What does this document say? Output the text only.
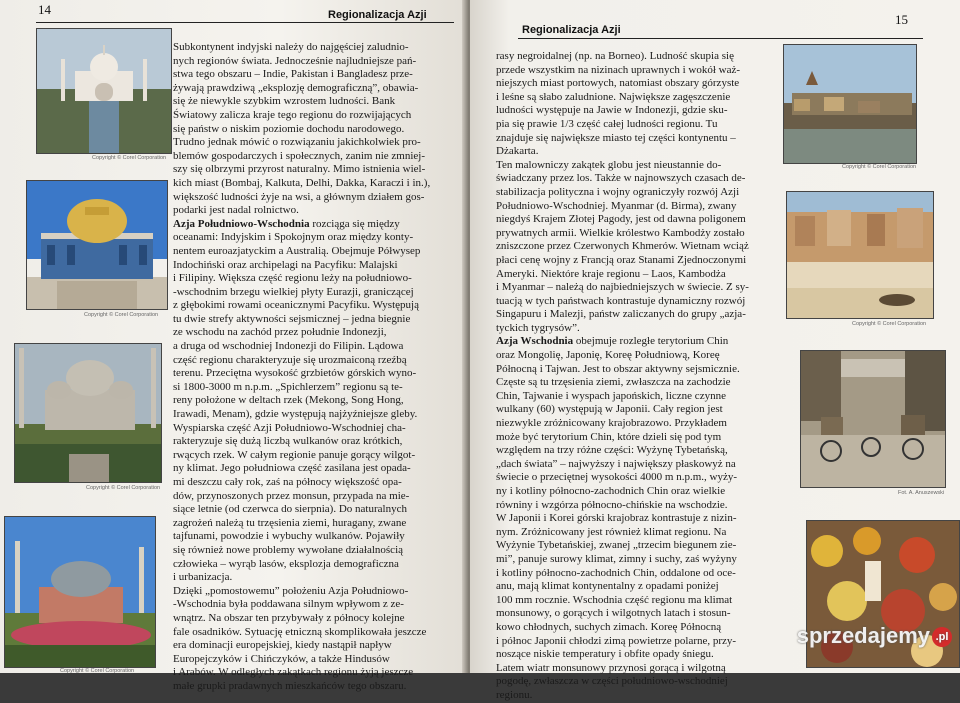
14	Regionalizacja Azji
Copyright © Corel Corporation
Copyright © Corel Corporation
Copyright © Corel Corporation
Copyright © Corel Corporation
Subkontynent indyjski należy do najgęściej zaludnio-
nych regionów świata. Jednocześnie najludniejsze pań-
stwa tego obszaru – Indie, Pakistan i Bangladesz prze-
żywają prawdziwą „eksplozję demograficzną”, obawia-
się że niewykle szybkim wzrostem ludności. Bank
Światowy zalicza kraje tego regionu do rozwijających
się państw o niskim poziomie dochodu narodowego.
Trudno jednak mówić o rozwiązaniu jakichkolwiek pro-
blemów gospodarczych i społecznych, zanim nie zmniej-
szy się olbrzymi przyrost naturalny. Mimo istnienia wiel-
kich miast (Bombaj, Kalkuta, Delhi, Dakka, Karaczi i in.),
większość ludności żyje na wsi, a głównym działem gos-
podarki jest nadal rolnictwo.
Azja Południowo-Wschodnia rozciąga się między
oceanami: Indyjskim i Spokojnym oraz między konty-
nentem euroazjatyckim a Australią. Obejmuje Półwysep
Indochiński oraz archipelagi na Pacyfiku: Malajski
i Filipiny. Większa część regionu leży na południowo-
-wschodnim brzegu wielkiej płyty Eurazji, graniczącej
z głębokimi rowami oceanicznymi Pacyfiku. Występują
tu dwie strefy aktywności sejsmicznej – jedna biegnie
ze wschodu na zachód przez południe Indonezji,
a druga od wschodniej Indonezji do Filipin. Lądowa
część regionu charakteryzuje się urozmaiconą rzeźbą
terenu. Przeciętna wysokość grzbietów górskich wyno-
si 1800-3000 m n.p.m. „Spichlerzem” regionu są te-
reny położone w deltach rzek (Mekong, Song Hong,
Irawadi, Menam), gdzie występują najżyźniejsze gleby.
Wyspiarska część Azji Południowo-Wschodniej cha-
rakteryzuje się dużą liczbą wulkanów oraz krótkich,
rwących rzek. W całym regionie panuje gorący wilgot-
ny klimat. Jego południowa część zasilana jest opada-
mi deszczu cały rok, zaś na północy większość opa-
dów, przynoszonych przez monsun, przypada na mie-
siące letnie (od czerwca do sierpnia). Do naturalnych
zagrożeń należą tu trzęsienia ziemi, huragany, zwane
tajfunami, powodzie i wybuchy wulkanów. Pojawiły
się również nowe problemy wywołane działalnością
człowieka – wyrąb lasów, eksplozja demograficzna
i urbanizacja.
Dzięki „pomostowemu” położeniu Azja Południowo-
-Wschodnia była poddawana silnym wpływom z ze-
wnątrz. Na obszar ten przybywały z północy kolejne
fale osadników. Sytuację etniczną skomplikowała jeszcze
era dominacji europejskiej, kiedy nastąpił napływ
Europejczyków i Chińczyków, a także Hindusów
i Arabów. W odległych zakątkach regionu żyją jeszcze
małe grupki pradawnych mieszkańców tego obszaru.
Regionalizacja Azji
15
Copyright © Corel Corporation
Copyright © Corel Corporation
Fot. A. Anuszewski
rasy negroidalnej (np. na Borneo). Ludność skupia się
przede wszystkim na nizinach uprawnych i wokół waż-
niejszych miast portowych, natomiast obszary górzyste
i leśne są słabo zaludnione. Największe zagęszczenie
ludności występuje na Jawie w Indonezji, gdzie sku-
pia się prawie 1/3 część całej ludności regionu. Tu
znajduje się największe miasto tej części kontynentu –
Dżakarta.
Ten malowniczy zakątek globu jest nieustannie do-
świadczany przez los. Także w najnowszych czasach de-
stabilizacja polityczna i wojny ograniczyły rozwój Azji
Południowo-Wschodniej. Myanmar (d. Birma), zwany
niegdyś Krajem Złotej Pagody, jest od dawna poligonem
prywatnych armii. Wielkie królestwo Kambodży zostało
zniszczone przez Czerwonych Khmerów. Wietnam wciąż
płaci cenę wojny z Francją oraz Stanami Zjednoczonymi
Ameryki. Niektóre kraje regionu – Laos, Kambodża
i Myanmar – należą do najbiedniejszych w świecie. Z sy-
tuacją w tych państwach kontrastuje dynamiczny rozwój
Singapuru i Malezji, państw zaliczanych do grupy „azja-
tyckich tygrysów”.
Azja Wschodnia obejmuje rozległe terytorium Chin
oraz Mongolię, Japonię, Koreę Południową, Koreę
Północną i Tajwan. Jest to obszar aktywny sejsmicznie.
Częste są tu trzęsienia ziemi, zwłaszcza na zachodzie
Chin, Tajwanie i wyspach japońskich, liczne czynne
wulkany (60) występują w Japonii. Cały region jest
niezwykle zróżnicowany krajobrazowo. Przykładem
może być terytorium Chin, które dzieli się pod tym
względem na trzy różne części: Wyżynę Tybetańską,
„dach świata” – najwyższy i największy płaskowyż na
świecie o przeciętnej wysokości 4000 m n.p.m., wyży-
ny i kotliny północno-zachodnich Chin oraz wielkie
równiny i wzgórza północno-chińskie na wschodzie.
W Japonii i Korei górski krajobraz kontrastuje z nizin-
nym. Zróżnicowany jest również klimat regionu. Na
Wyżynie Tybetańskiej, zwanej „trzecim biegunem zie-
mi”, panuje surowy klimat, zimny i suchy, zaś wyżyny
i kotliny północno-zachodnich Chin, oddalone od oce-
anu, mają klimat kontynentalny z opadami poniżej
100 mm rocznie. Wschodnia część regionu ma klimat
monsunowy, o gorących i wilgotnych latach i stosun-
kowo chłodnych, suchych zimach. Koreę Północną
i północ Japonii chłodzi zimą powietrze polarne, przy-
noszące niskie temperatury i obfite opady śniegu.
Latem wiatr monsunowy przynosi gorącą i wilgotną
pogodę, zwłaszcza w części południowo-wschodniej
regionu.
sprzedajemy .pl
